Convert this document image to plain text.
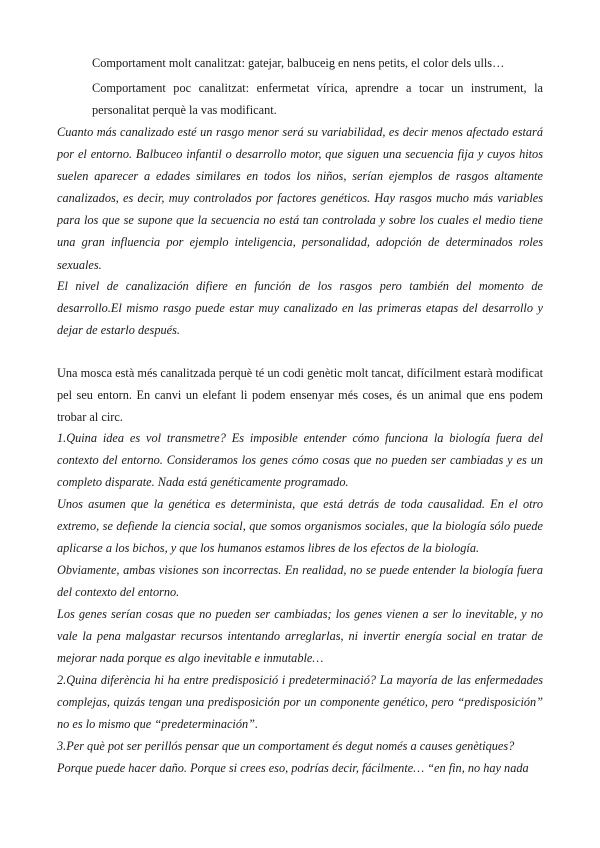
Comportament molt canalitzat: gatejar, balbuceig en nens petits, el color dels ulls…

Comportament poc canalitzat: enfermetat vírica, aprendre a tocar un instrument, la personalitat perquè la vas modificant.

Cuanto más canalizado esté un rasgo menor será su variabilidad, es decir menos afectado estará por el entorno. Balbuceo infantil o desarrollo motor, que siguen una secuencia fija y cuyos hitos suelen aparecer a edades similares en todos los niños, serían ejemplos de rasgos altamente canalizados, es decir, muy controlados por factores genéticos. Hay rasgos mucho más variables para los que se supone que la secuencia no está tan controlada y sobre los cuales el medio tiene una gran influencia por ejemplo inteligencia, personalidad, adopción de determinados roles sexuales.

El nivel de canalización difiere en función de los rasgos pero también del momento de desarrollo.El mismo rasgo puede estar muy canalizado en las primeras etapas del desarrollo y dejar de estarlo después.

Una mosca està més canalitzada perquè té un codi genètic molt tancat, difícilment estarà modificat pel seu entorn. En canvi un elefant li podem ensenyar més coses, és un animal que ens podem trobar al circ.

1.Quina idea es vol transmetre? Es imposible entender cómo funciona la biología fuera del contexto del entorno. Consideramos los genes cómo cosas que no pueden ser cambiadas y es un completo disparate. Nada está genéticamente programado.

Unos asumen que la genética es determinista, que está detrás de toda causalidad. En el otro extremo, se defiende la ciencia social, que somos organismos sociales, que la biología sólo puede aplicarse a los bichos, y que los humanos estamos libres de los efectos de la biología.

Obviamente, ambas visiones son incorrectas. En realidad, no se puede entender la biología fuera del contexto del entorno.

Los genes serían cosas que no pueden ser cambiadas; los genes vienen a ser lo inevitable, y no vale la pena malgastar recursos intentando arreglarlas, ni invertir energía social en tratar de mejorar nada porque es algo inevitable e inmutable…

2.Quina diferència hi ha entre predisposició i predeterminació? La mayoría de las enfermedades complejas, quizás tengan una predisposición por un componente genético, pero “predisposición” no es lo mismo que “predeterminación”.

3.Per què pot ser perillós pensar que un comportament és degut només a causes genètiques?

Porque puede hacer daño. Porque si crees eso, podrías decir, fácilmente… “en fin, no hay nada
